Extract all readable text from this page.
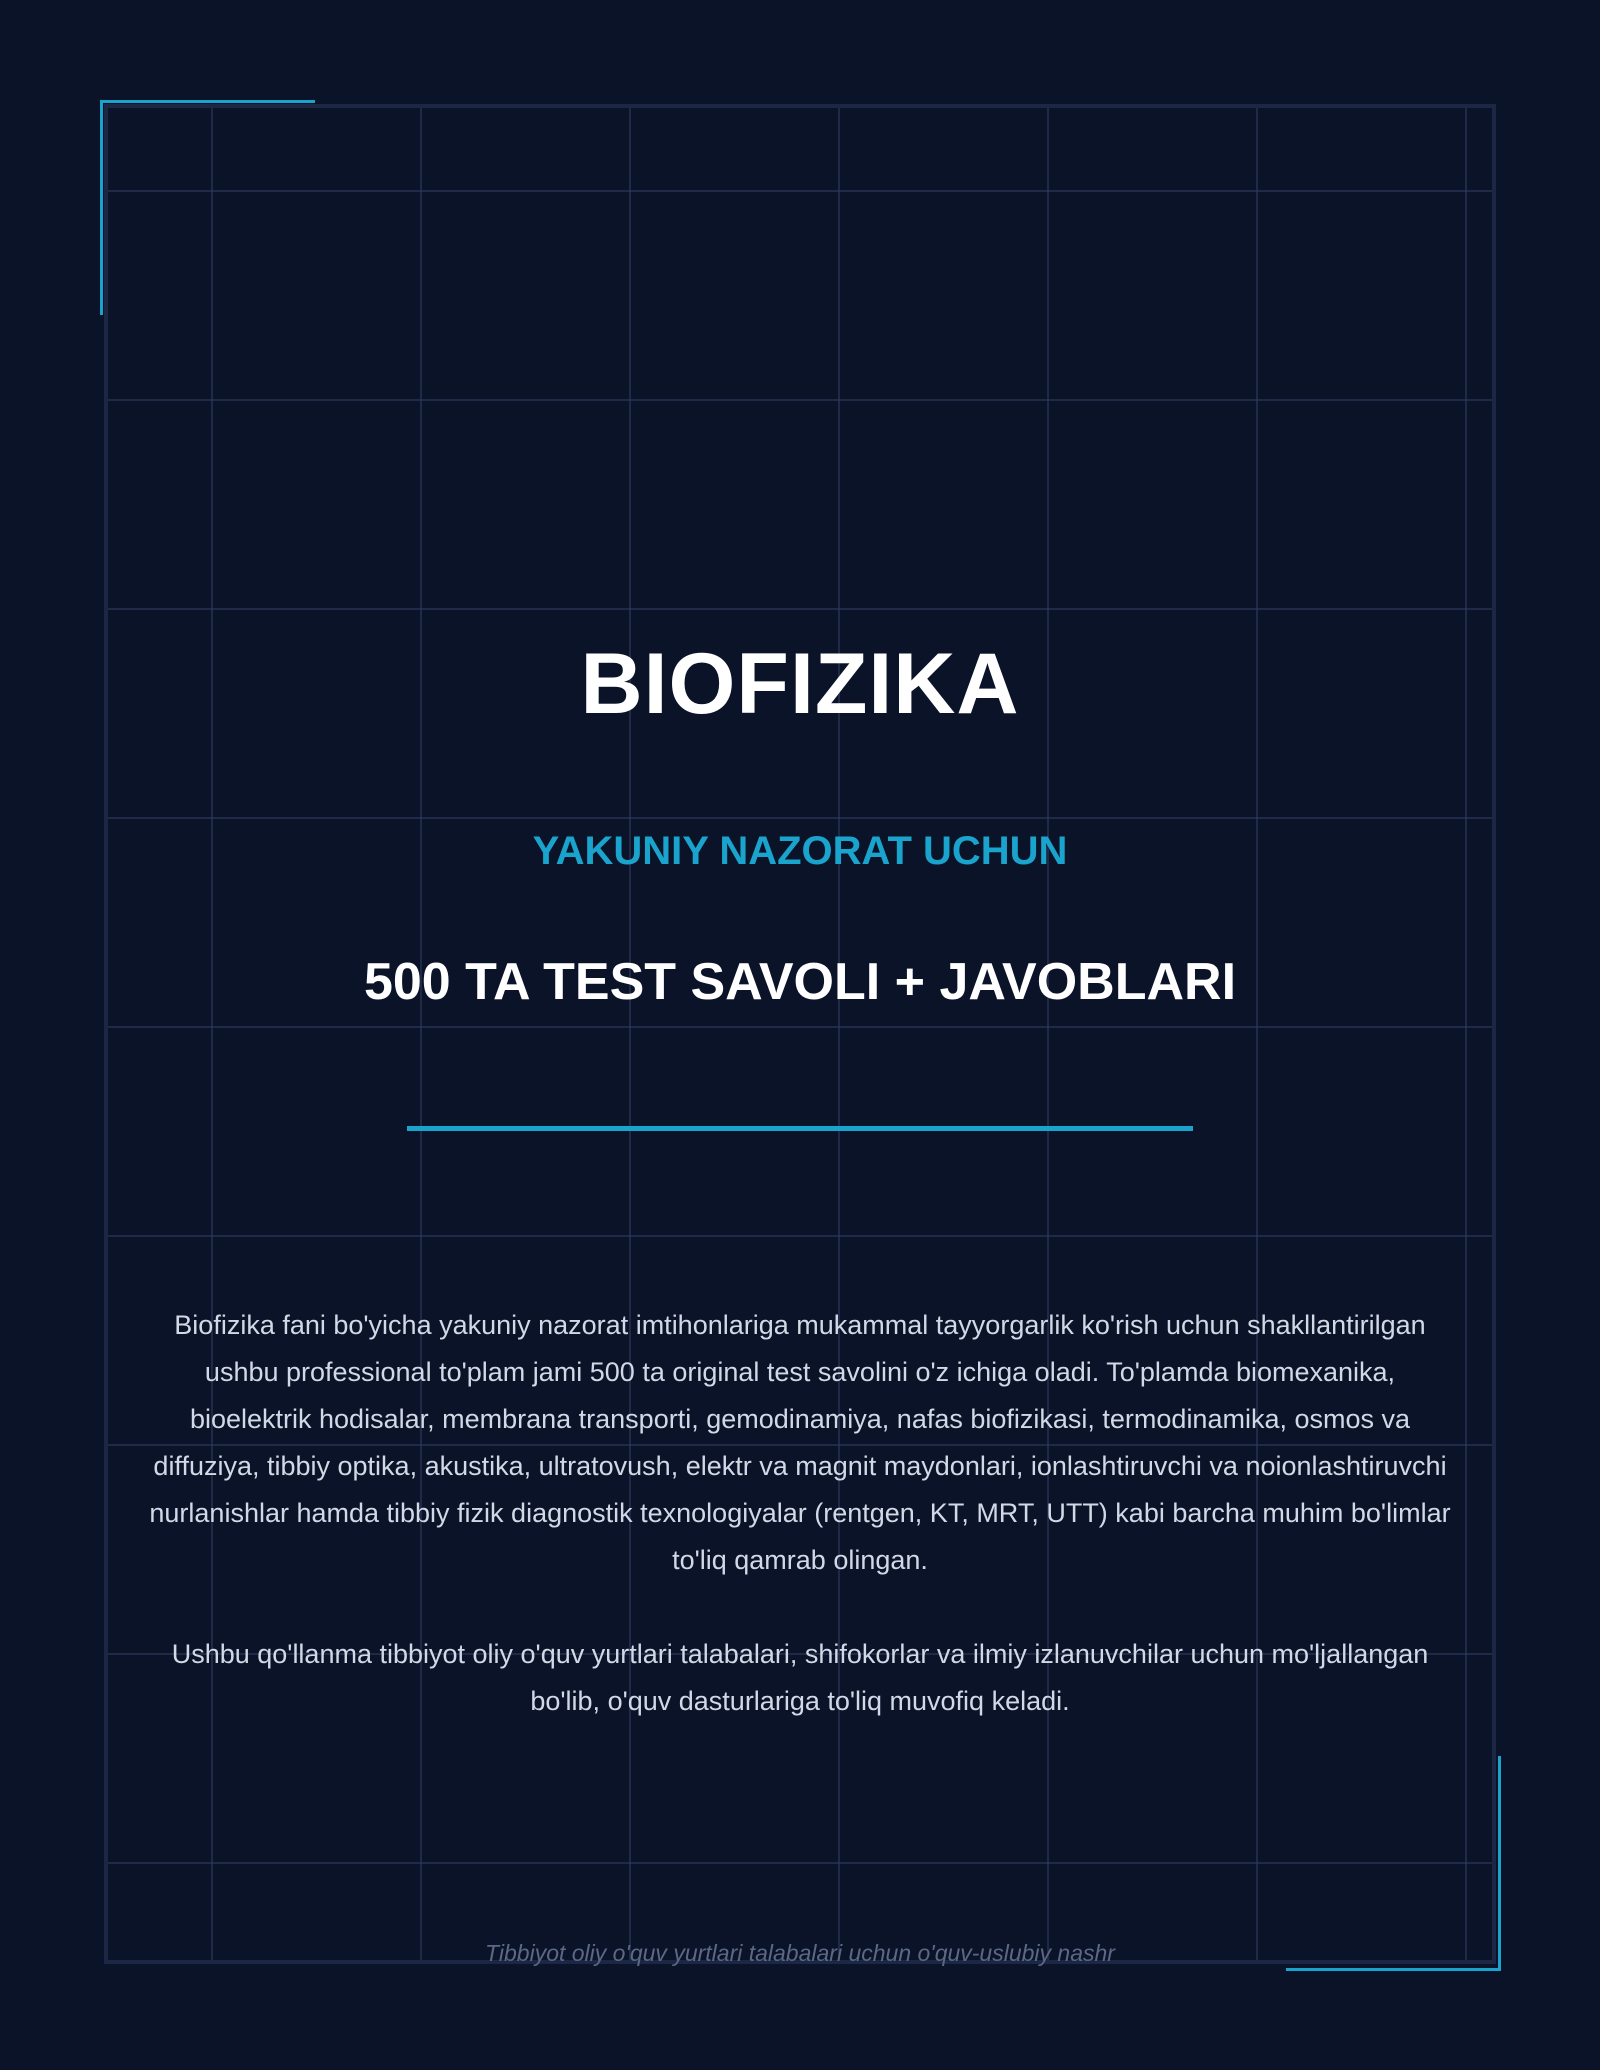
BIOFIZIKA
YAKUNIY NAZORAT UCHUN
500 TA TEST SAVOLI + JAVOBLARI

Biofizika fani bo'yicha yakuniy nazorat imtihonlariga mukammal tayyorgarlik ko'rish uchun shakllantirilgan ushbu professional to'plam jami 500 ta original test savolini o'z ichiga oladi. To'plamda biomexanika, bioelektrik hodisalar, membrana transporti, gemodinamiya, nafas biofizikasi, termodinamika, osmos va diffuziya, tibbiy optika, akustika, ultratovush, elektr va magnit maydonlari, ionlashtiruvchi va noionlashtiruvchi nurlanishlar hamda tibbiy fizik diagnostik texnologiyalar (rentgen, KT, MRT, UTT) kabi barcha muhim bo'limlar to'liq qamrab olingan.

Ushbu qo'llanma tibbiyot oliy o'quv yurtlari talabalari, shifokorlar va ilmiy izlanuvchilar uchun mo'ljallangan bo'lib, o'quv dasturlariga to'liq muvofiq keladi.

Tibbiyot oliy o'quv yurtlari talabalari uchun o'quv-uslubiy nashr
